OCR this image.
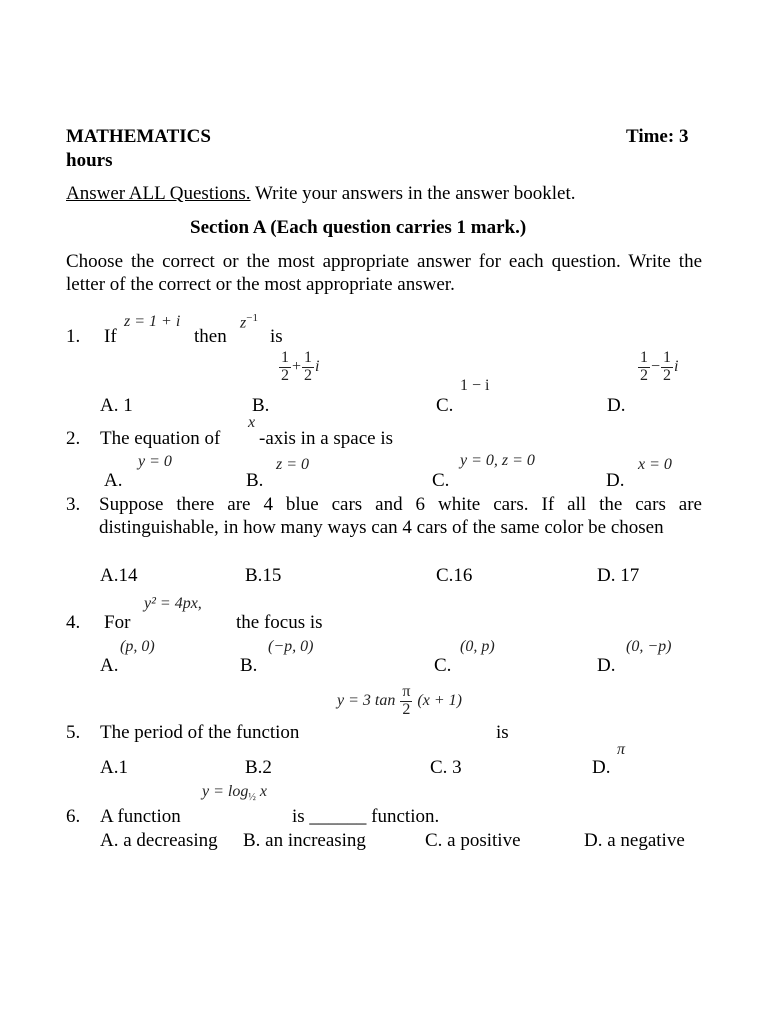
MATHEMATICS	Time: 3
hours
Answer ALL Questions. Write your answers in the answer booklet.
Section A (Each question carries 1 mark.)
Choose the correct or the most appropriate answer for each question. Write the letter of the correct or the most appropriate answer.
1. If
z = 1 + i
then
$z^{-1}$
is
A. 1
$\frac{1}{2} + \frac{1}{2}$ i
B.
1 − i
C.
$\frac{1}{2} - \frac{1}{2}$ i
D.
2. The equation of
x
-axis in a space is
A.
y = 0
B.
z = 0
C.
y = 0, z = 0
D.
x = 0
3. Suppose there are 4 blue cars and 6 white cars. If all the cars are distinguishable, in how many ways can 4 cars of the same color be chosen
A.14	B.15	C.16	D. 17
4. For
y² = 4px,
the focus is
A.
(p, 0)
B.
(−p, 0)
C.
(0, p)
D.
(0, −p)
y = 3 $\tan \frac{\pi}{2} (x + 1)$
5. The period of the function	is
A.1	B.2	C. 3	D.
π
$y = \log_{\frac{1}{2}} x$
6. A function	is ______ function.
A. a decreasing B. an increasing	C. a positive	D. a negative
